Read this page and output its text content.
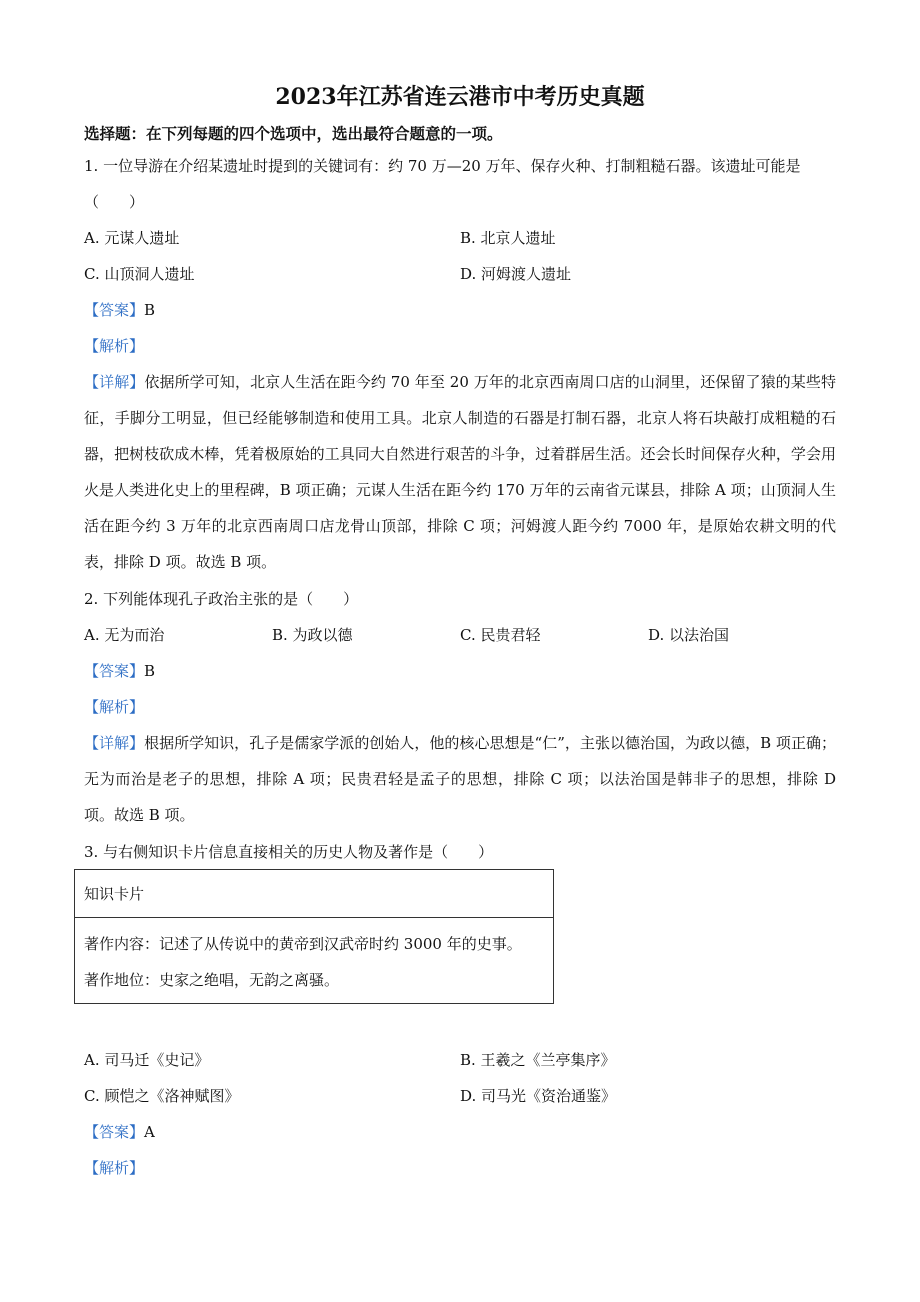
2023年江苏省连云港市中考历史真题
选择题：在下列每题的四个选项中，选出最符合题意的一项。
1. 一位导游在介绍某遗址时提到的关键词有：约 70 万—20 万年、保存火种、打制粗糙石器。该遗址可能是（　　）
A. 元谋人遗址	B. 北京人遗址
C. 山顶洞人遗址	D. 河姆渡人遗址
【答案】B
【解析】
【详解】依据所学可知，北京人生活在距今约 70 年至 20 万年的北京西南周口店的山洞里，还保留了猿的某些特征，手脚分工明显，但已经能够制造和使用工具。北京人制造的石器是打制石器，北京人将石块敲打成粗糙的石器，把树枝砍成木棒，凭着极原始的工具同大自然进行艰苦的斗争，过着群居生活。还会长时间保存火种，学会用火是人类进化史上的里程碑，B 项正确；元谋人生活在距今约 170 万年的云南省元谋县，排除 A 项；山顶洞人生活在距今约 3 万年的北京西南周口店龙骨山顶部，排除 C 项；河姆渡人距今约 7000 年，是原始农耕文明的代表，排除 D 项。故选 B 项。
2. 下列能体现孔子政治主张的是（　　）
A. 无为而治	B. 为政以德	C. 民贵君轻	D. 以法治国
【答案】B
【解析】
【详解】根据所学知识，孔子是儒家学派的创始人，他的核心思想是“仁”，主张以德治国，为政以德，B 项正确；无为而治是老子的思想，排除 A 项；民贵君轻是孟子的思想，排除 C 项；以法治国是韩非子的思想，排除 D 项。故选 B 项。
3. 与右侧知识卡片信息直接相关的历史人物及著作是（　　）
知识卡片
著作内容：记述了从传说中的黄帝到汉武帝时约 3000 年的史事。
著作地位：史家之绝唱，无韵之离骚。
A. 司马迁《史记》	B. 王羲之《兰亭集序》
C. 顾恺之《洛神赋图》	D. 司马光《资治通鉴》
【答案】A
【解析】
